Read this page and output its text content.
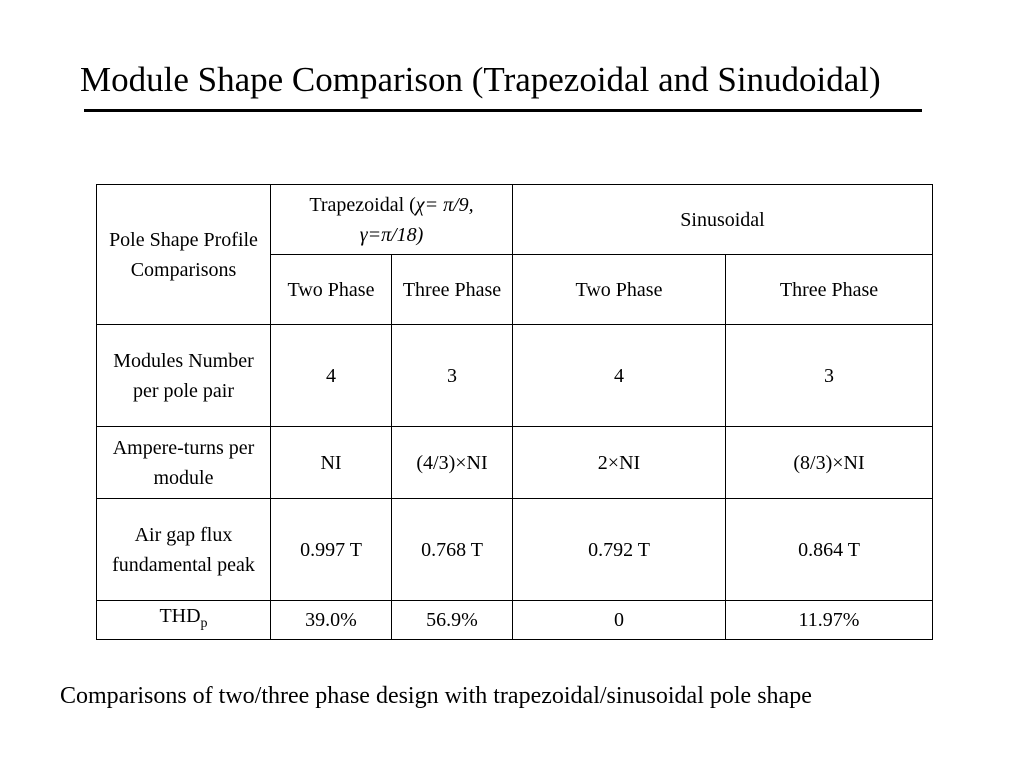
Module Shape Comparison (Trapezoidal and Sinudoidal)
Pole Shape Profile Comparisons	Trapezoidal (χ= π/9,
γ=π/18)		Sinusoidal	
	Two Phase	Three Phase	Two Phase	Three Phase
Modules Number per pole pair	4	3	4	3
Ampere-turns per module	NI	(4/3)×NI	2×NI	(8/3)×NI
Air gap flux fundamental peak	0.997 T	0.768 T	0.792 T	0.864 T
$THD_p$	39.0%	56.9%	0	11.97%
Comparisons of two/three phase design with trapezoidal/sinusoidal pole shape
